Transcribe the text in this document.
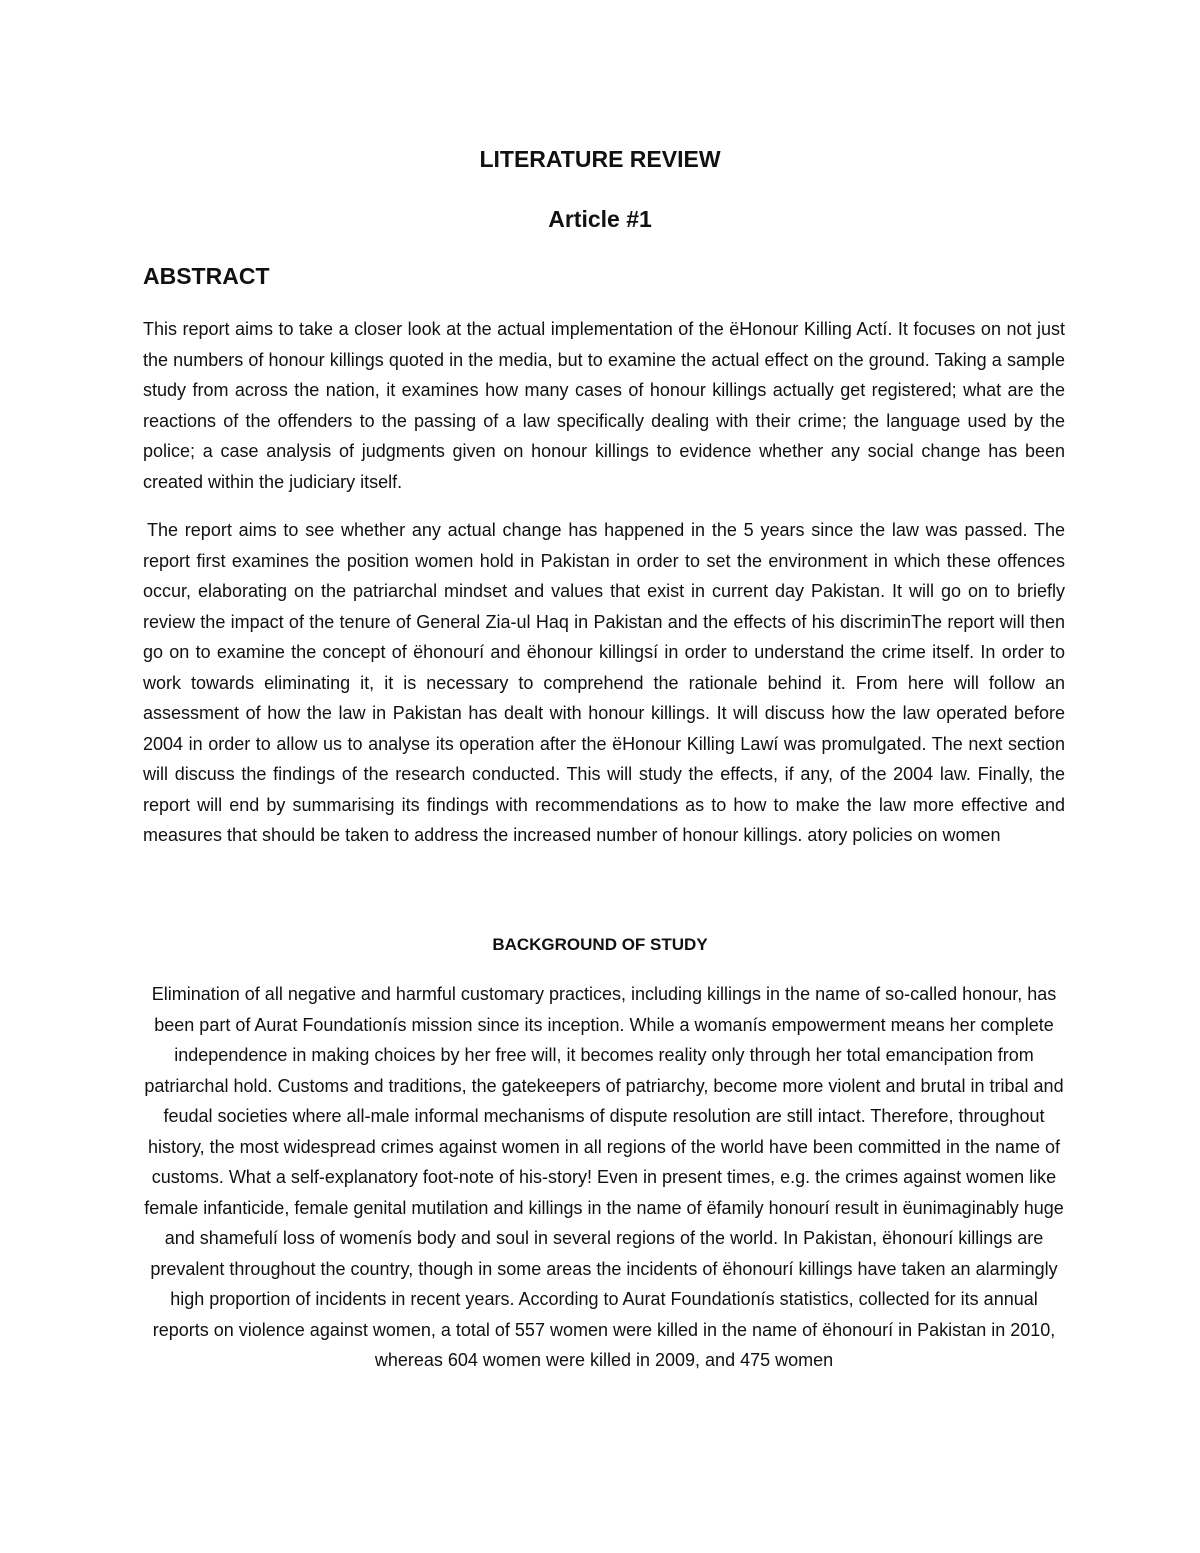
LITERATURE REVIEW
Article #1
ABSTRACT

This report aims to take a closer look at the actual implementation of the ëHonour Killing Actí. It focuses on not just the numbers of honour killings quoted in the media, but to examine the actual effect on the ground. Taking a sample study from across the nation, it examines how many cases of honour killings actually get registered; what are the reactions of the offenders to the passing of a law specifically dealing with their crime; the language used by the police; a case analysis of judgments given on honour killings to evidence whether any social change has been created within the judiciary itself.

The report aims to see whether any actual change has happened in the 5 years since the law was passed. The report first examines the position women hold in Pakistan in order to set the environment in which these offences occur, elaborating on the patriarchal mindset and values that exist in current day Pakistan. It will go on to briefly review the impact of the tenure of General Zia-ul Haq in Pakistan and the effects of his discriminThe report will then go on to examine the concept of ëhonourí and ëhonour killingsí in order to understand the crime itself. In order to work towards eliminating it, it is necessary to comprehend the rationale behind it. From here will follow an assessment of how the law in Pakistan has dealt with honour killings. It will discuss how the law operated before 2004 in order to allow us to analyse its operation after the ëHonour Killing Lawí was promulgated. The next section will discuss the findings of the research conducted. This will study the effects, if any, of the 2004 law. Finally, the report will end by summarising its findings with recommendations as to how to make the law more effective and measures that should be taken to address the increased number of honour killings. atory policies on women

BACKGROUND OF STUDY

Elimination of all negative and harmful customary practices, including killings in the name of so-called honour, has been part of Aurat Foundationís mission since its inception. While a womanís empowerment means her complete independence in making choices by her free will, it becomes reality only through her total emancipation from patriarchal hold. Customs and traditions, the gatekeepers of patriarchy, become more violent and brutal in tribal and feudal societies where all-male informal mechanisms of dispute resolution are still intact. Therefore, throughout history, the most widespread crimes against women in all regions of the world have been committed in the name of customs. What a self-explanatory foot-note of his-story! Even in present times, e.g. the crimes against women like female infanticide, female genital mutilation and killings in the name of ëfamily honourí result in ëunimaginably huge and shamefulí loss of womenís body and soul in several regions of the world. In Pakistan, ëhonourí killings are prevalent throughout the country, though in some areas the incidents of ëhonourí killings have taken an alarmingly high proportion of incidents in recent years. According to Aurat Foundationís statistics, collected for its annual reports on violence against women, a total of 557 women were killed in the name of ëhonourí in Pakistan in 2010, whereas 604 women were killed in 2009, and 475 women
